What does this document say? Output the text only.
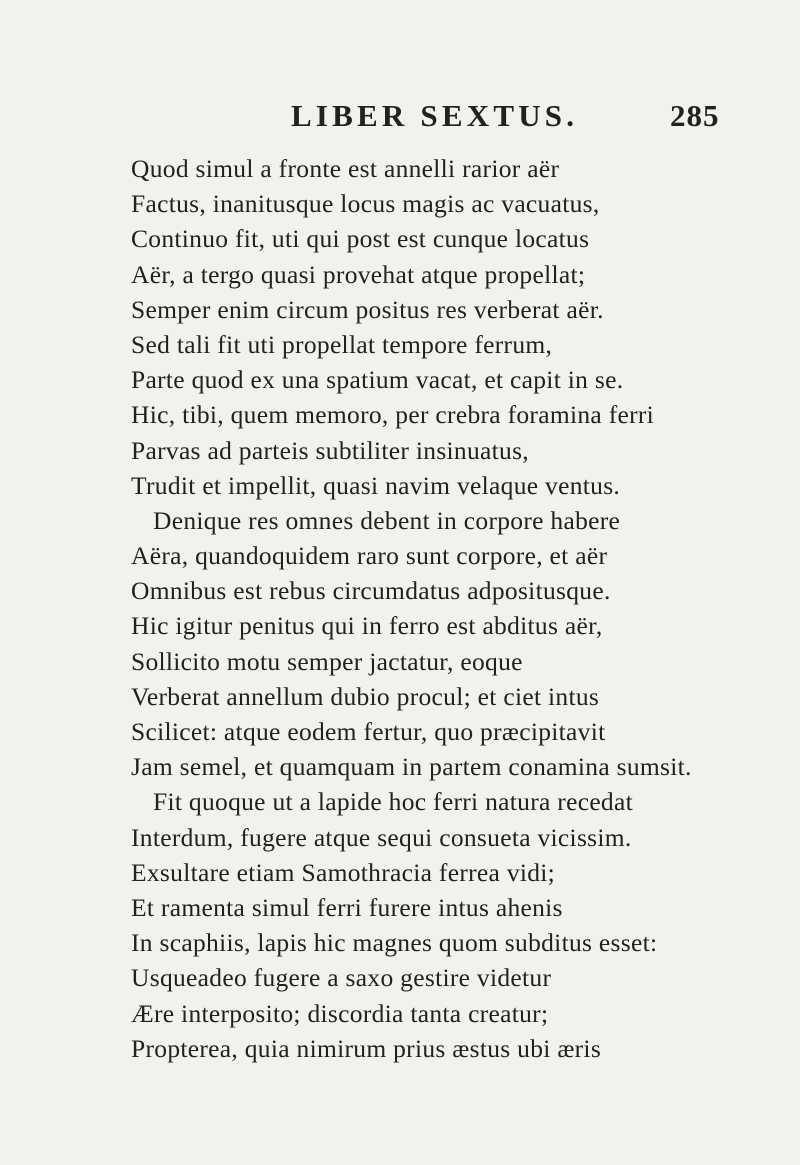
LIBER SEXTUS.	285
Quod simul a fronte est annelli rarior aër
Factus, inanitusque locus magis ac vacuatus,
Continuo fit, uti qui post est cunque locatus
Aër, a tergo quasi provehat atque propellat;
Semper enim circum positus res verberat aër.
Sed tali fit uti propellat tempore ferrum,
Parte quod ex una spatium vacat, et capit in se.
Hic, tibi, quem memoro, per crebra foramina ferri
Parvas ad parteis subtiliter insinuatus,
Trudit et impellit, quasi navim velaque ventus.
Denique res omnes debent in corpore habere
Aëra, quandoquidem raro sunt corpore, et aër
Omnibus est rebus circumdatus adpositusque.
Hic igitur penitus qui in ferro est abditus aër,
Sollicito motu semper jactatur, eoque
Verberat annellum dubio procul; et ciet intus
Scilicet: atque eodem fertur, quo præcipitavit
Jam semel, et quamquam in partem conamina sumsit.
Fit quoque ut a lapide hoc ferri natura recedat
Interdum, fugere atque sequi consueta vicissim.
Exsultare etiam Samothracia ferrea vidi;
Et ramenta simul ferri furere intus ahenis
In scaphiis, lapis hic magnes quom subditus esset:
Usqueadeo fugere a saxo gestire videtur
Ære interposito; discordia tanta creatur;
Propterea, quia nimirum prius æstus ubi æris
